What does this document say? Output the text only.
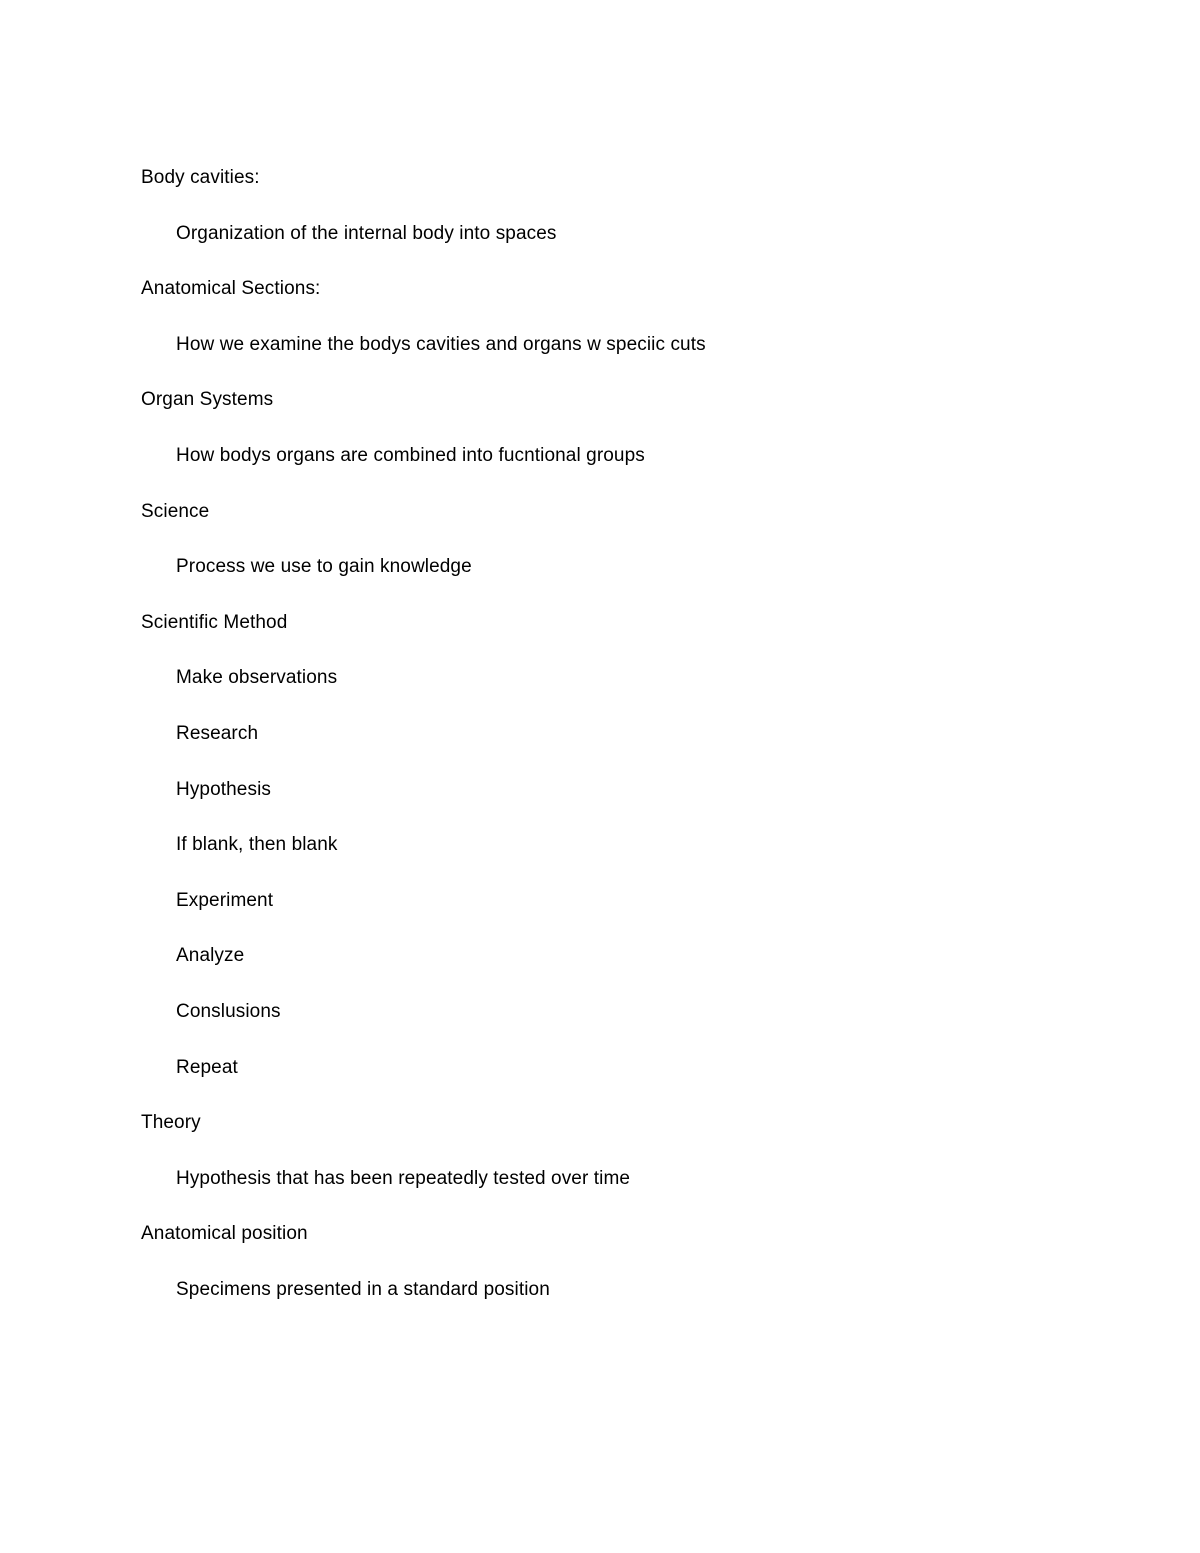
Body cavities:
Organization of the internal body into spaces
Anatomical Sections:
How we examine the bodys cavities and organs w speciic cuts
Organ Systems
How bodys organs are combined into fucntional groups
Science
Process we use to gain knowledge
Scientific Method
Make observations
Research
Hypothesis
If blank, then blank
Experiment
Analyze
Conslusions
Repeat
Theory
Hypothesis that has been repeatedly tested over time
Anatomical position
Specimens presented in a standard position
